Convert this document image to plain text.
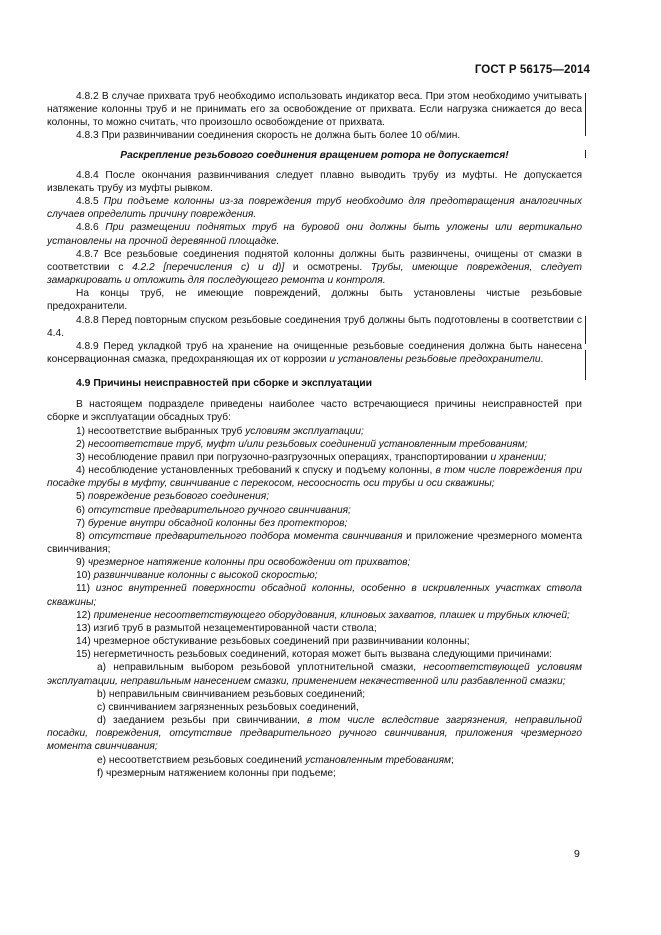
ГОСТ Р 56175—2014

4.8.2 В случае прихвата труб необходимо использовать индикатор веса. При этом необходимо учитывать натяжение колонны труб и не принимать его за освобождение от прихвата. Если нагрузка снижается до веса колонны, то можно считать, что произошло освобождение от прихвата.

4.8.3 При развинчивании соединения скорость не должна быть более 10 об/мин.

Раскрепление резьбового соединения вращением ротора не допускается!

4.8.4 После окончания развинчивания следует плавно выводить трубу из муфты. Не допускается извлекать трубу из муфты рывком.

4.8.5 При подъеме колонны из-за повреждения труб необходимо для предотвращения аналогичных случаев определить причину повреждения.

4.8.6 При размещении поднятых труб на буровой они должны быть уложены или вертикально установлены на прочной деревянной площадке.

4.8.7 Все резьбовые соединения поднятой колонны должны быть развинчены, очищены от смазки в соответствии с 4.2.2 [перечисления с) и d)] и осмотрены. Трубы, имеющие повреждения, следует замаркировать и отложить для последующего ремонта и контроля.

На концы труб, не имеющие повреждений, должны быть установлены чистые резьбовые предохранители.

4.8.8 Перед повторным спуском резьбовые соединения труб должны быть подготовлены в соответствии с 4.4.

4.8.9 Перед укладкой труб на хранение на очищенные резьбовые соединения должна быть нанесена консервационная смазка, предохраняющая их от коррозии и установлены резьбовые предохранители.

4.9 Причины неисправностей при сборке и эксплуатации

В настоящем подразделе приведены наиболее часто встречающиеся причины неисправностей при сборке и эксплуатации обсадных труб:

1) несоответствие выбранных труб условиям эксплуатации;

2) несоответствие труб, муфт и/или резьбовых соединений установленным требованиям;

3) несоблюдение правил при погрузочно-разгрузочных операциях, транспортировании и хранении;

4) несоблюдение установленных требований к спуску и подъему колонны, в том числе повреждения при посадке трубы в муфту, свинчивание с перекосом, несоосность оси трубы и оси скважины;

5) повреждение резьбового соединения;

6) отсутствие предварительного ручного свинчивания;

7) бурение внутри обсадной колонны без протекторов;

8) отсутствие предварительного подбора момента свинчивания и приложение чрезмерного момента свинчивания;

9) чрезмерное натяжение колонны при освобождении от прихватов;

10) развинчивание колонны с высокой скоростью;

11) износ внутренней поверхности обсадной колонны, особенно в искривленных участках ствола скважины;

12) применение несоответствующего оборудования, клиновых захватов, плашек и трубных ключей;

13) изгиб труб в размытой незацементированной части ствола;

14) чрезмерное обстукивание резьбовых соединений при развинчивании колонны;

15) негерметичность резьбовых соединений, которая может быть вызвана следующими причинами:

a) неправильным выбором резьбовой уплотнительной смазки, несоответствующей условиям эксплуатации, неправильным нанесением смазки, применением некачественной или разбавленной смазки;

b) неправильным свинчиванием резьбовых соединений;

c) свинчиванием загрязненных резьбовых соединений,

d) заеданием резьбы при свинчивании, в том числе вследствие загрязнения, неправильной посадки, повреждения, отсутствие предварительного ручного свинчивания, приложения чрезмерного момента свинчивания;

e) несоответствием резьбовых соединений установленным требованиям;

f) чрезмерным натяжением колонны при подъеме;

9
